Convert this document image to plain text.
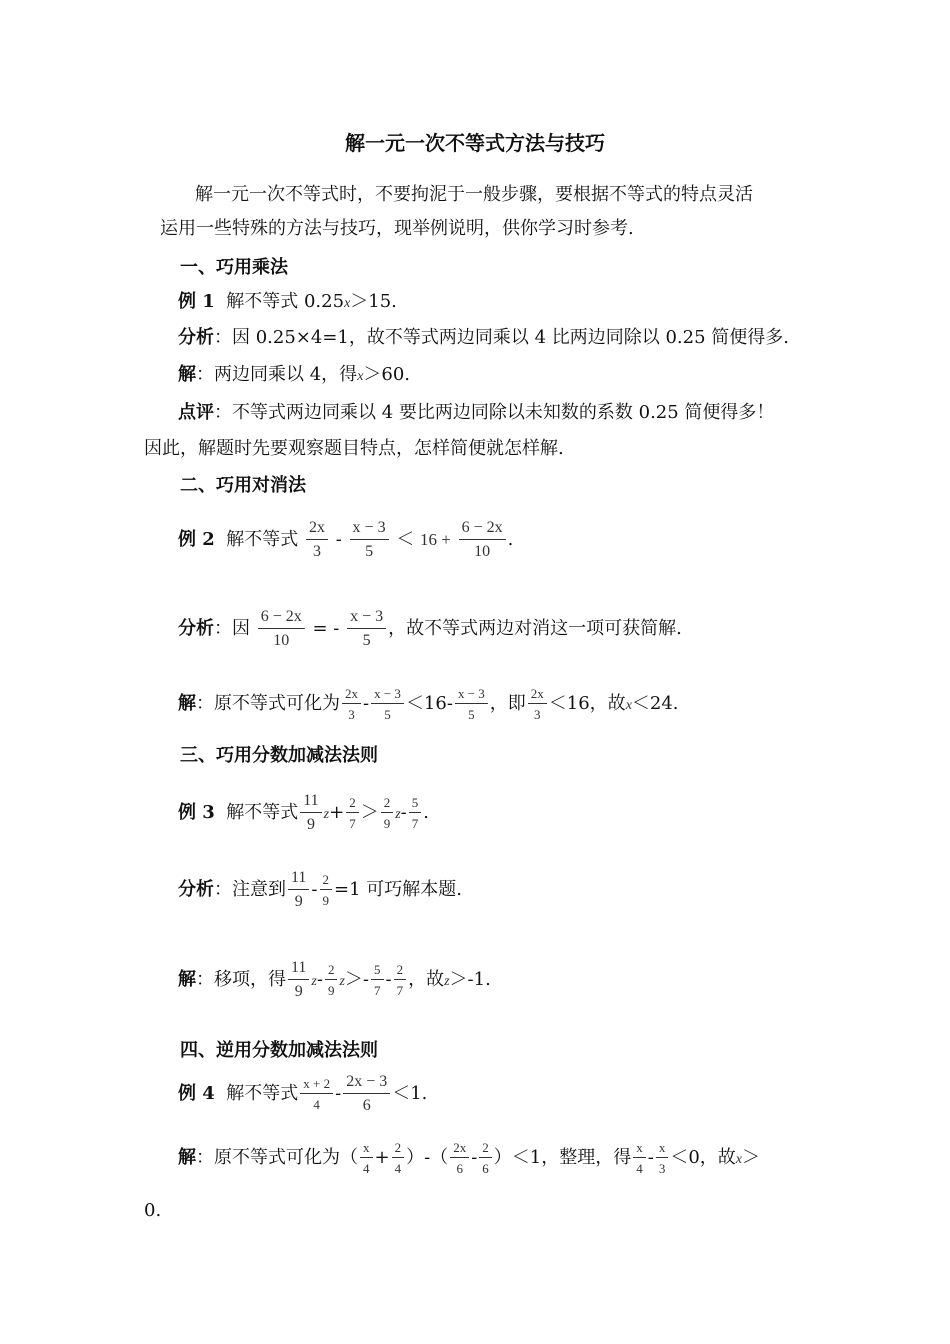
解一元一次不等式方法与技巧
解一元一次不等式时，不要拘泥于一般步骤，要根据不等式的特点灵活
运用一些特殊的方法与技巧，现举例说明，供你学习时参考.
一、巧用乘法
例 1 解不等式 0.25x＞15.
分析：因 0.25×4=1，故不等式两边同乘以 4 比两边同除以 0.25 简便得多.
解：两边同乘以 4，得x＞60.
点评：不等式两边同乘以 4 要比两边同除以未知数的系数 0.25 简便得多！
因此，解题时先要观察题目特点，怎样简便就怎样解.
二、巧用对消法
例 2 解不等式 $\frac{2x}{3} - \frac{x - 3}{5} < 16 + \frac{6 - 2x}{10}$ .
分析：因 $\frac{6 - 2x}{10}$ = - $\frac{x - 3}{5}$ ，故不等式两边对消这一项可获简解.
解：原不等式可化为 $\frac{2x}{3} - \frac{x - 3}{5} <16- \frac{x - 3}{5}$ ，即 $\frac{2x}{3} <16$，故x＜24.
三、巧用分数加减法法则
例 3 解不等式 $\frac{11}{9} z+ \frac{2}{7} > \frac{2}{9} z- \frac{5}{7}$ .
分析：注意到 $\frac{11}{9} - \frac{2}{9} =1$ 可巧解本题.
解：移项，得 $\frac{11}{9} z- \frac{2}{9} z>- \frac{5}{7} - \frac{2}{7}$ ，故z＞-1.
四、逆用分数加减法法则
例 4 解不等式 $\frac{x + 2}{4} - \frac{2x - 3}{6} <1$.
解：原不等式可化为（ $\frac{x}{4} + \frac{2}{4}$ ）-（ $\frac{2x}{6} - \frac{2}{6} )<1$，整理，得 $\frac{x}{4} - \frac{x}{3} <0$，故x＞
0.
